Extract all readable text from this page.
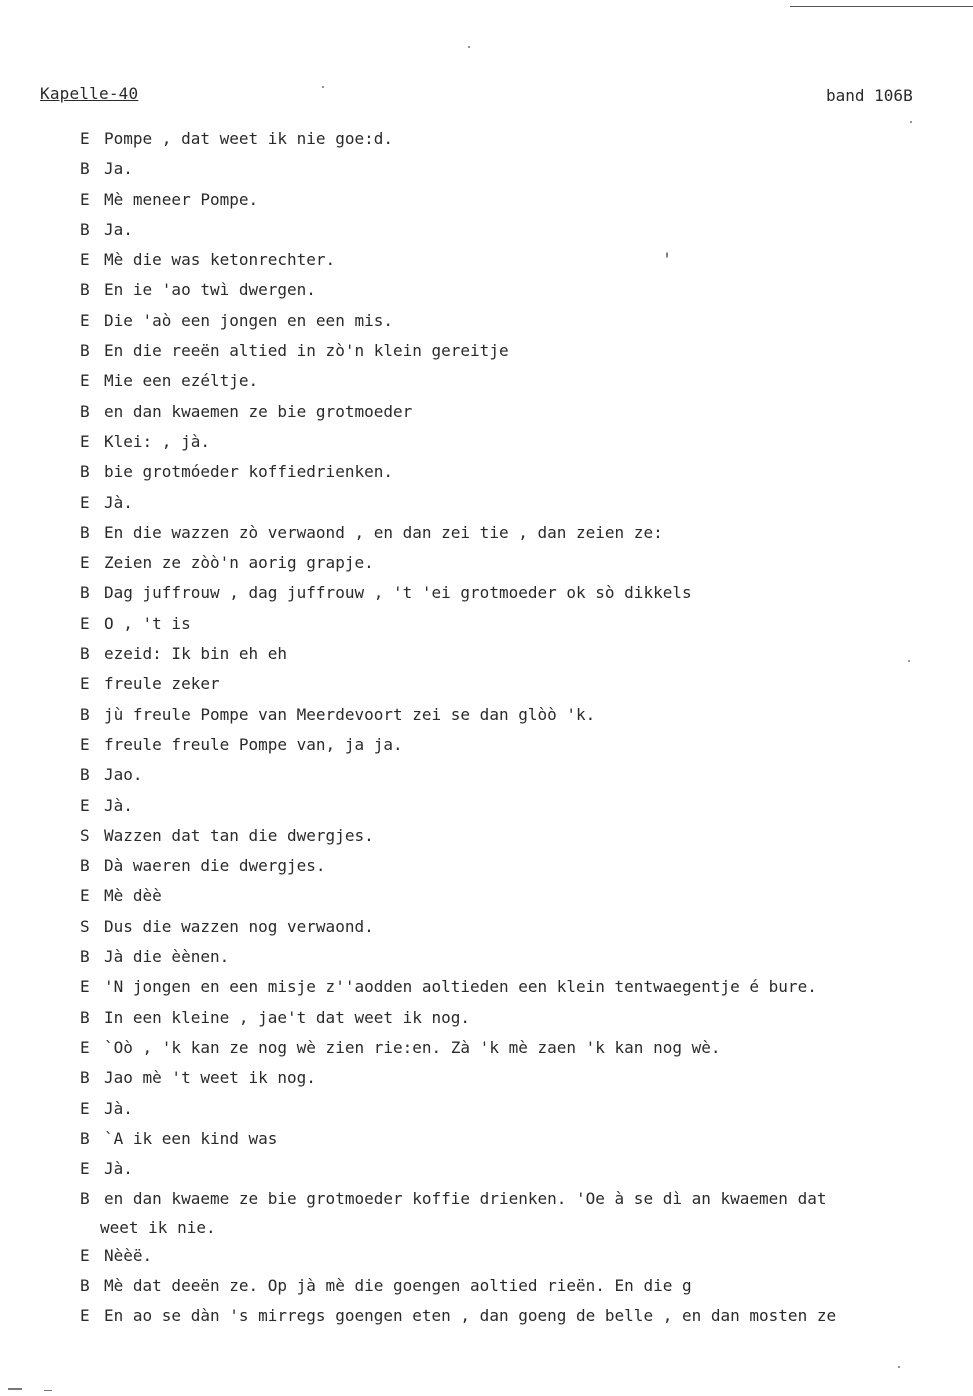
Kapelle-40	band 106B
E Pompe , dat weet ik nie goe:d.
B Ja.
E Mè meneer Pompe.
B Ja.
E Mè die was ketonrechter.
B En ie 'ao twì dwergen.
E Die 'aò een jongen en een mis.
B En die reeën altied in zò'n klein gereitje
E Mie een ezéltje.
B en dan kwaemen ze bie grotmoeder
E Klei: , jà.
B bie grotmóeder koffiedrienken.
E Jà.
B En die wazzen zò verwaond , en dan zei tie , dan zeien ze:
E Zeien ze zòò'n aorig grapje.
B Dag juffrouw , dag juffrouw , 't 'ei grotmoeder ok sò dikkels
E O , 't is
B ezeid: Ik bin eh eh
E freule zeker
B jù freule Pompe van Meerdevoort zei se dan glòò 'k.
E freule freule Pompe van, ja ja.
B Jao.
E Jà.
S Wazzen dat tan die dwergjes.
B Dà waeren die dwergjes.
E Mè dèè
S Dus die wazzen nog verwaond.
B Jà die èènen.
E 'N jongen en een misje z''aodden aoltieden een klein tentwaegentje é bure.
B In een kleine , jae't dat weet ik nog.
E `Oò , 'k kan ze nog wè zien rie:en. Zà 'k mè zaen 'k kan nog wè.
B Jao mè 't weet ik nog.
E Jà.
B `A ik een kind was
E Jà.
B en dan kwaeme ze bie grotmoeder koffie drienken. 'Oe à se dì an kwaemen dat
weet ik nie.
E Nèèë.
B Mè dat deeën ze. Op jà mè die goengen aoltied rieën. En die g
E En ao se dàn 's mirregs goengen eten , dan goeng de belle , en dan mosten ze
